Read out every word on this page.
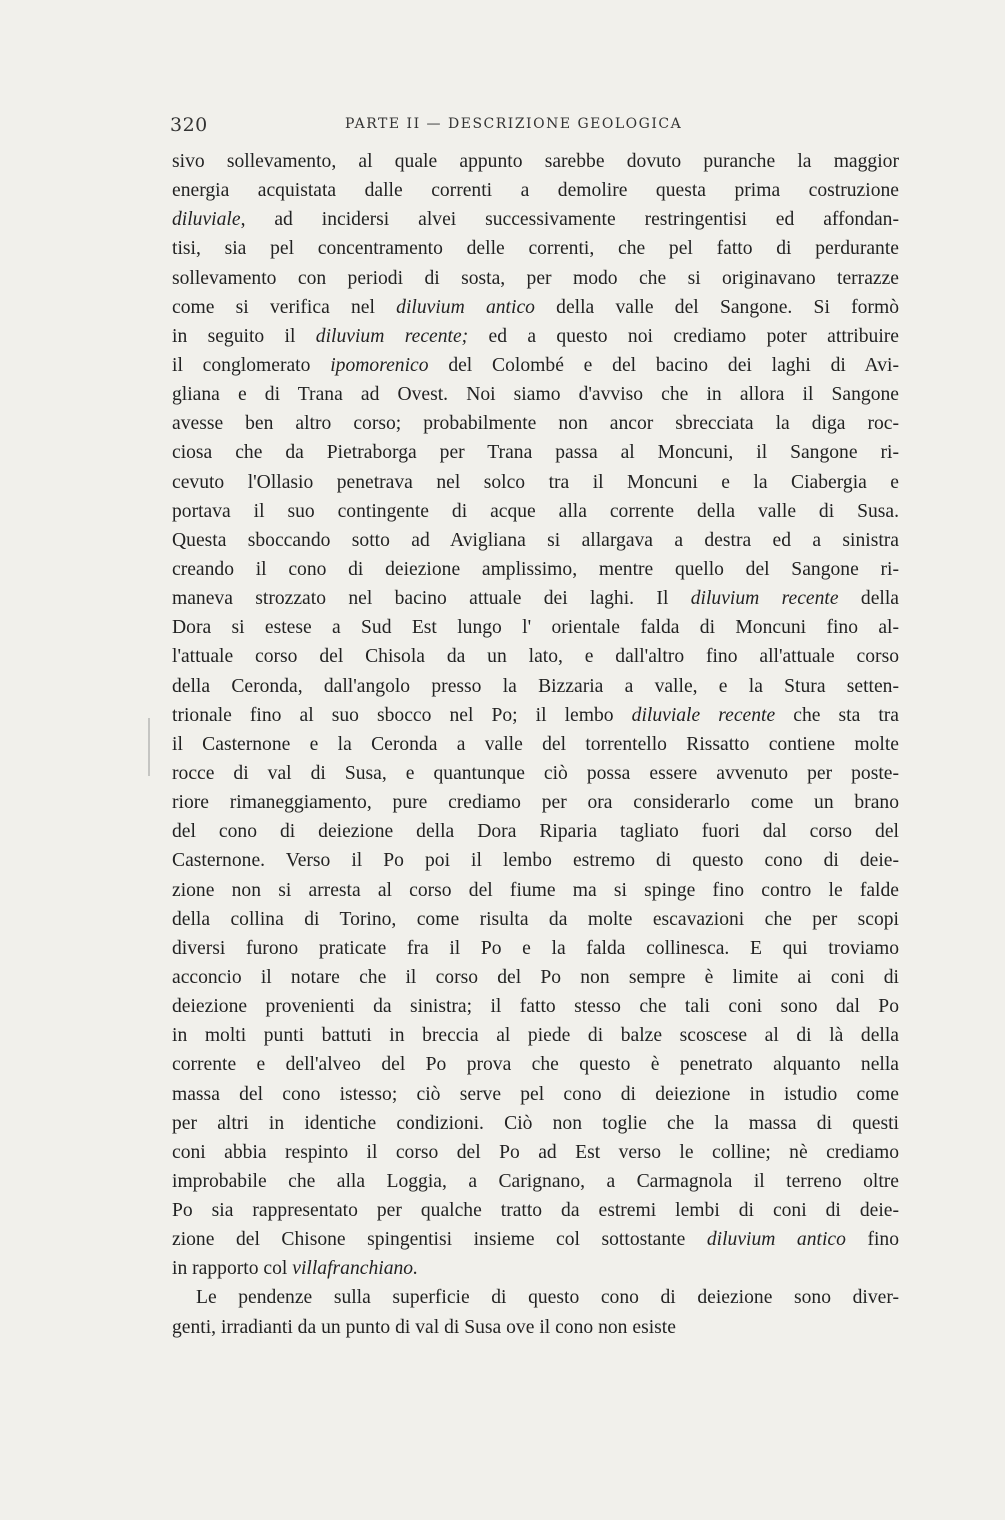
320	PARTE II — DESCRIZIONE GEOLOGICA
sivo sollevamento, al quale appunto sarebbe dovuto puranche la maggior
energia acquistata dalle correnti a demolire questa prima costruzione
diluviale, ad incidersi alvei successivamente restringentisi ed affondan-
tisi, sia pel concentramento delle correnti, che pel fatto di perdurante
sollevamento con periodi di sosta, per modo che si originavano terrazze
come si verifica nel diluvium antico della valle del Sangone. Si formò
in seguito il diluvium recente; ed a questo noi crediamo poter attribuire
il conglomerato ipomorenico del Colombé e del bacino dei laghi di Avi-
gliana e di Trana ad Ovest. Noi siamo d'avviso che in allora il Sangone
avesse ben altro corso; probabilmente non ancor sbrecciata la diga roc-
ciosa che da Pietraborga per Trana passa al Moncuni, il Sangone ri-
cevuto l'Ollasio penetrava nel solco tra il Moncuni e la Ciabergia e
portava il suo contingente di acque alla corrente della valle di Susa.
Questa sboccando sotto ad Avigliana si allargava a destra ed a sinistra
creando il cono di deiezione amplissimo, mentre quello del Sangone ri-
maneva strozzato nel bacino attuale dei laghi. Il diluvium recente della
Dora si estese a Sud Est lungo l' orientale falda di Moncuni fino al-
l'attuale corso del Chisola da un lato, e dall'altro fino all'attuale corso
della Ceronda, dall'angolo presso la Bizzaria a valle, e la Stura setten-
trionale fino al suo sbocco nel Po; il lembo diluviale recente che sta tra
il Casternone e la Ceronda a valle del torrentello Rissatto contiene molte
rocce di val di Susa, e quantunque ciò possa essere avvenuto per poste-
riore rimaneggiamento, pure crediamo per ora considerarlo come un brano
del cono di deiezione della Dora Riparia tagliato fuori dal corso del
Casternone. Verso il Po poi il lembo estremo di questo cono di deie-
zione non si arresta al corso del fiume ma si spinge fino contro le falde
della collina di Torino, come risulta da molte escavazioni che per scopi
diversi furono praticate fra il Po e la falda collinesca. E qui troviamo
acconcio il notare che il corso del Po non sempre è limite ai coni di
deiezione provenienti da sinistra; il fatto stesso che tali coni sono dal Po
in molti punti battuti in breccia al piede di balze scoscese al di là della
corrente e dell'alveo del Po prova che questo è penetrato alquanto nella
massa del cono istesso; ciò serve pel cono di deiezione in istudio come
per altri in identiche condizioni. Ciò non toglie che la massa di questi
coni abbia respinto il corso del Po ad Est verso le colline; nè crediamo
improbabile che alla Loggia, a Carignano, a Carmagnola il terreno oltre
Po sia rappresentato per qualche tratto da estremi lembi di coni di deie-
zione del Chisone spingentisi insieme col sottostante diluvium antico fino
in rapporto col villafranchiano.
Le pendenze sulla superficie di questo cono di deiezione sono diver-
genti, irradianti da un punto di val di Susa ove il cono non esiste
